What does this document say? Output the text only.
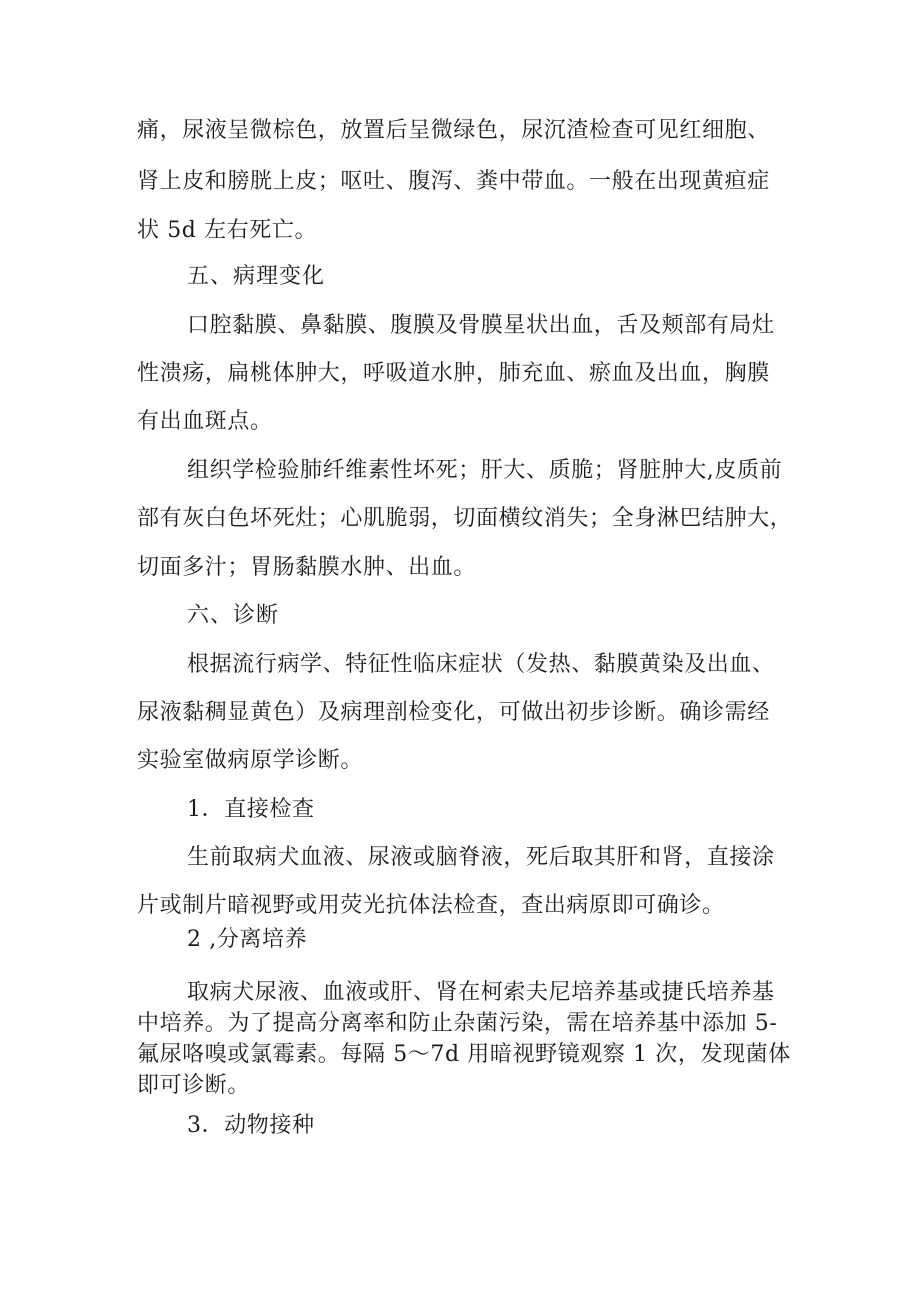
痛，尿液呈微棕色，放置后呈微绿色，尿沉渣检查可见红细胞、

肾上皮和膀胱上皮；呕吐、腹泻、粪中带血。一般在出现黄疸症

状 5d 左右死亡。

五、病理变化

口腔黏膜、鼻黏膜、腹膜及骨膜星状出血，舌及颊部有局灶

性溃疡，扁桃体肿大，呼吸道水肿，肺充血、瘀血及出血，胸膜

有出血斑点。

组织学检验肺纤维素性坏死；肝大、质脆；肾脏肿大,皮质前

部有灰白色坏死灶；心肌脆弱，切面横纹消失；全身淋巴结肿大，

切面多汁；胃肠黏膜水肿、出血。

六、诊断

根据流行病学、特征性临床症状（发热、黏膜黄染及出血、

尿液黏稠显黄色）及病理剖检变化，可做出初步诊断。确诊需经

实验室做病原学诊断。

1．直接检查

生前取病犬血液、尿液或脑脊液，死后取其肝和肾，直接涂

片或制片暗视野或用荧光抗体法检查，查出病原即可确诊。

2 ,分离培养

取病犬尿液、血液或肝、肾在柯索夫尼培养基或捷氏培养基

中培养。为了提高分离率和防止杂菌污染，需在培养基中添加 5-

氟尿咯嗅或氯霉素。每隔 5～7d 用暗视野镜观察 1 次，发现菌体

即可诊断。

3．动物接种
